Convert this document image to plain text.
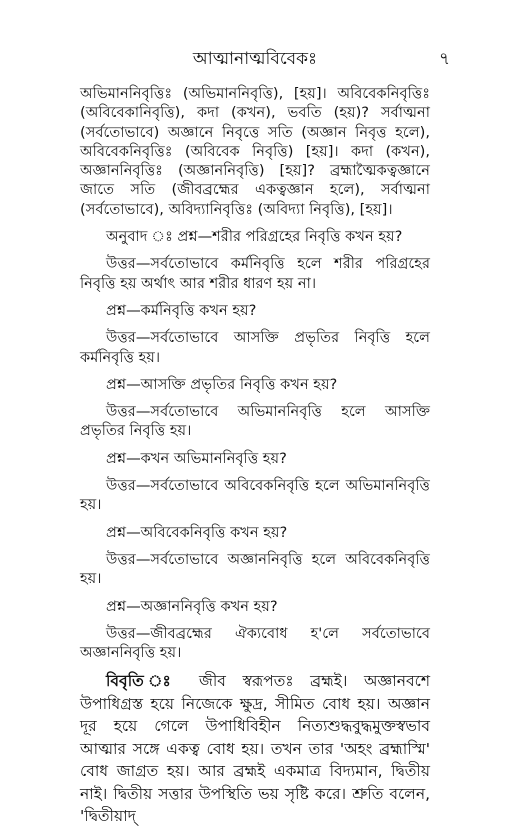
আত্মানাত্মবিবেকঃ	৭

অভিমাননিবৃত্তিঃ (অভিমাননিবৃত্তি), [হয়]। অবিবেকনিবৃত্তিঃ (অবিবেকানিবৃত্তি), কদা (কখন), ভবতি (হয়)? সর্বাত্মনা (সর্বতোভাবে) অজ্ঞানে নিবৃত্তে সতি (অজ্ঞান নিবৃত্ত হলে), অবিবেকনিবৃত্তিঃ (অবিবেক নিবৃত্তি) [হয়]। কদা (কখন), অজ্ঞাননিবৃত্তিঃ (অজ্ঞাননিবৃত্তি) [হয়]? ব্রহ্মাত্মৈকত্বজ্ঞানে জাতে সতি (জীবব্রহ্মের একত্বজ্ঞান হলে), সর্বাত্মনা (সর্বতোভাবে), অবিদ্যানিবৃত্তিঃ (অবিদ্যা নিবৃত্তি), [হয়]।

অনুবাদ ঃ প্রশ্ন—শরীর পরিগ্রহের নিবৃত্তি কখন হয়?

উত্তর—সর্বতোভাবে কর্মনিবৃত্তি হলে শরীর পরিগ্রহের নিবৃত্তি হয় অর্থাৎ আর শরীর ধারণ হয় না।

প্রশ্ন—কর্মনিবৃত্তি কখন হয়?

উত্তর—সর্বতোভাবে আসক্তি প্রভৃতির নিবৃত্তি হলে কর্মনিবৃত্তি হয়।

প্রশ্ন—আসক্তি প্রভৃতির নিবৃত্তি কখন হয়?

উত্তর—সর্বতোভাবে অভিমাননিবৃত্তি হলে আসক্তি প্রভৃতির নিবৃত্তি হয়।

প্রশ্ন—কখন অভিমাননিবৃত্তি হয়?

উত্তর—সর্বতোভাবে অবিবেকনিবৃত্তি হলে অভিমাননিবৃত্তি হয়।

প্রশ্ন—অবিবেকনিবৃত্তি কখন হয়?

উত্তর—সর্বতোভাবে অজ্ঞাননিবৃত্তি হলে অবিবেকনিবৃত্তি হয়।

প্রশ্ন—অজ্ঞাননিবৃত্তি কখন হয়?

উত্তর—জীবব্রহ্মের ঐক্যবোধ হ'লে সর্বতোভাবে অজ্ঞাননিবৃত্তি হয়।

বিবৃতি ঃ জীব স্বরূপতঃ ব্রহ্মই। অজ্ঞানবশে উপাধিগ্রস্ত হয়ে নিজেকে ক্ষুদ্র, সীমিত বোধ হয়। অজ্ঞান দূর হয়ে গেলে উপাধিবিহীন নিত্যশুদ্ধবুদ্ধমুক্তস্বভাব আত্মার সঙ্গে একত্ব বোধ হয়। তখন তার 'অহং ব্রহ্মাস্মি' বোধ জাগ্রত হয়। আর ব্রহ্মই একমাত্র বিদ্যমান, দ্বিতীয় নাই। দ্বিতীয় সত্তার উপস্থিতি ভয় সৃষ্টি করে। শ্রুতি বলেন, 'দ্বিতীয়াদ্
